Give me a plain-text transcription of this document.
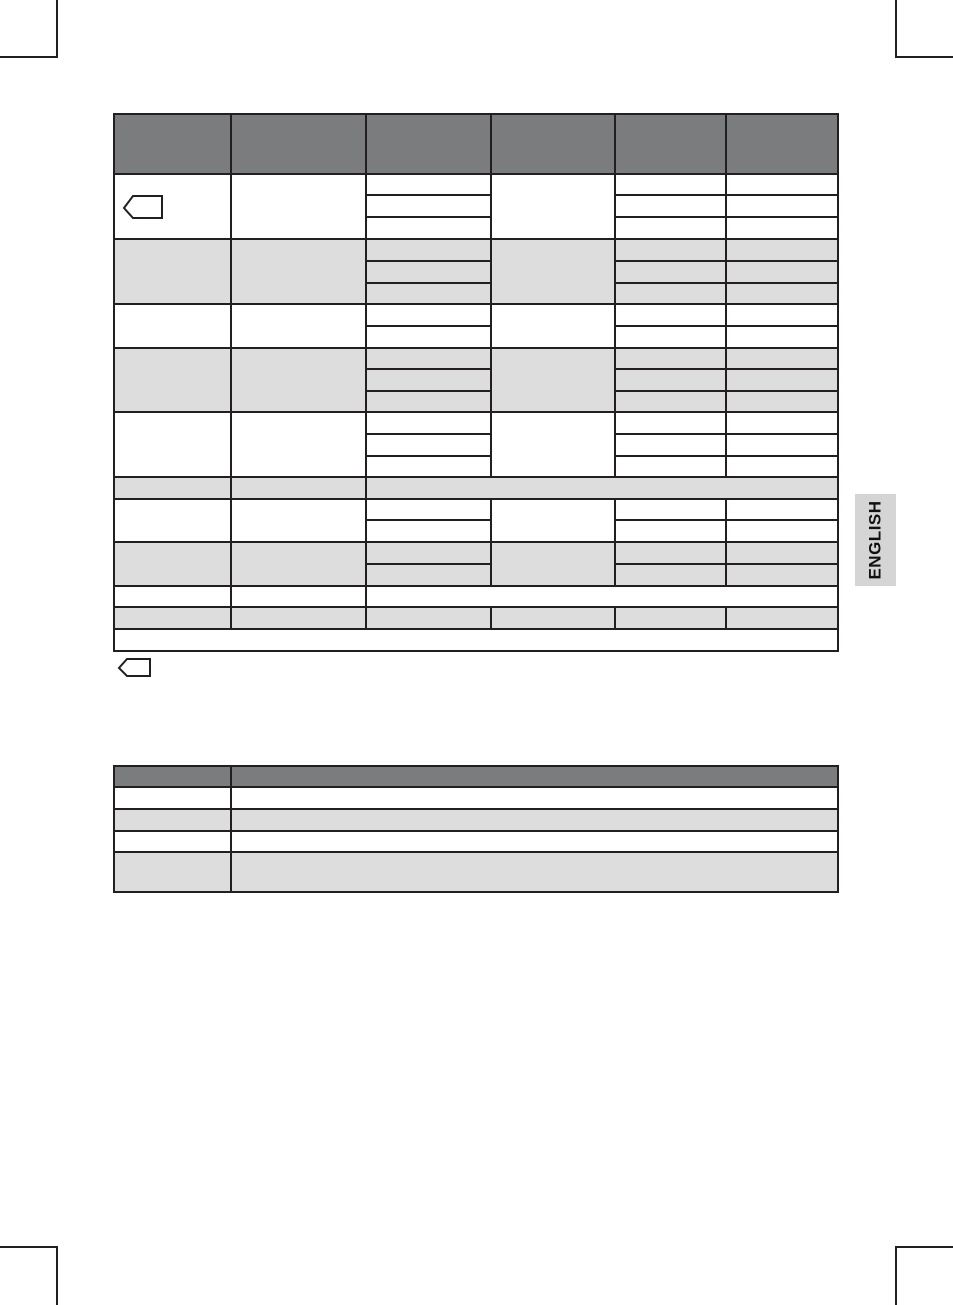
ENGLISH
